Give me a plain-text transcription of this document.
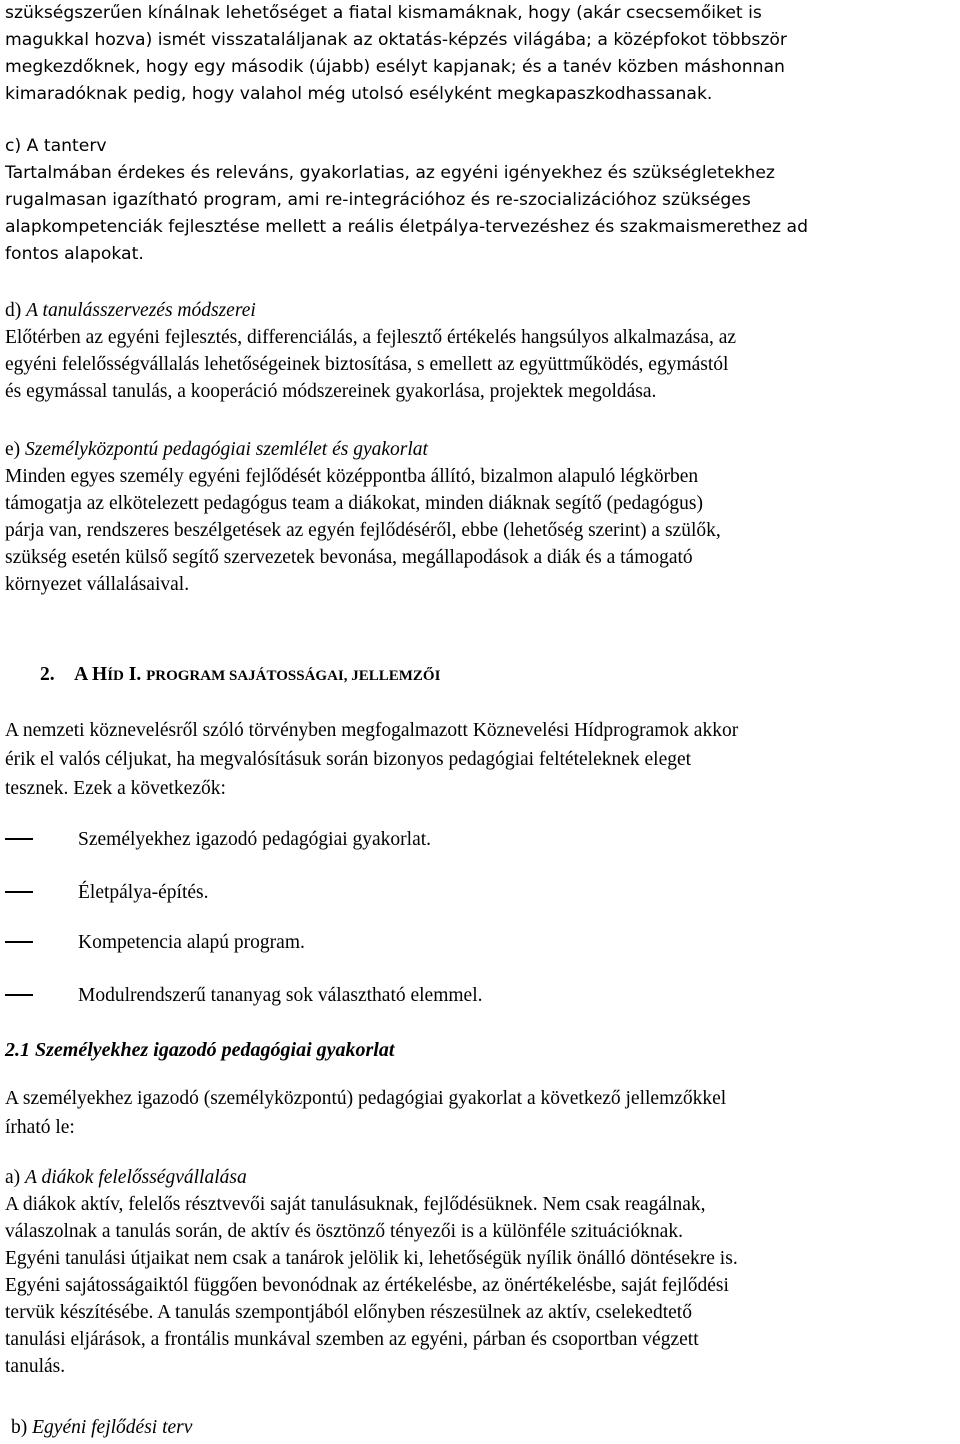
szükségszerűen kínálnak lehetőséget a fiatal kismamáknak, hogy (akár csecsemőiket is

magukkal hozva) ismét visszataláljanak az oktatás-képzés világába; a középfokot többször

megkezdőknek, hogy egy második (újabb) esélyt kapjanak; és a tanév közben máshonnan

kimaradóknak pedig, hogy valahol még utolsó esélyként megkapaszkodhassanak.

c) A tanterv

Tartalmában érdekes és releváns, gyakorlatias, az egyéni igényekhez és szükségletekhez

rugalmasan igazítható program, ami re-integrációhoz és re-szocializációhoz szükséges

alapkompetenciák fejlesztése mellett a reális életpálya-tervezéshez és szakmaismerethez ad

fontos alapokat.

d) A tanulásszervezés módszerei

Előtérben az egyéni fejlesztés, differenciálás, a fejlesztő értékelés hangsúlyos alkalmazása, az

egyéni felelősségvállalás lehetőségeinek biztosítása, s emellett az együttműködés, egymástól

és egymással tanulás, a kooperáció módszereinek gyakorlása, projektek megoldása.

e) Személyközpontú pedagógiai szemlélet és gyakorlat

Minden egyes személy egyéni fejlődését középpontba állító, bizalmon alapuló légkörben

támogatja az elkötelezett pedagógus team a diákokat, minden diáknak segítő (pedagógus)

párja van, rendszeres beszélgetések az egyén fejlődéséről, ebbe (lehetőség szerint) a szülők,

szükség esetén külső segítő szervezetek bevonása, megállapodások a diák és a támogató

környezet vállalásaival.

2. A HÍD I. PROGRAM SAJÁTOSSÁGAI, JELLEMZŐI

A nemzeti köznevelésről szóló törvényben megfogalmazott Köznevelési Hídprogramok akkor

érik el valós céljukat, ha megvalósításuk során bizonyos pedagógiai feltételeknek eleget

tesznek. Ezek a következők:

Személyekhez igazodó pedagógiai gyakorlat.
Életpálya-építés.
Kompetencia alapú program.
Modulrendszerű tananyag sok választható elemmel.
2.1 Személyekhez igazodó pedagógiai gyakorlat

A személyekhez igazodó (személyközpontú) pedagógiai gyakorlat a következő jellemzőkkel

írható le:

a) A diákok felelősségvállalása

A diákok aktív, felelős résztvevői saját tanulásuknak, fejlődésüknek. Nem csak reagálnak,

válaszolnak a tanulás során, de aktív és ösztönző tényezői is a különféle szituációknak.

Egyéni tanulási útjaikat nem csak a tanárok jelölik ki, lehetőségük nyílik önálló döntésekre is.

Egyéni sajátosságaiktól függően bevonódnak az értékelésbe, az önértékelésbe, saját fejlődési

tervük készítésébe. A tanulás szempontjából előnyben részesülnek az aktív, cselekedtető

tanulási eljárások, a frontális munkával szemben az egyéni, párban és csoportban végzett

tanulás.

b) Egyéni fejlődési terv
